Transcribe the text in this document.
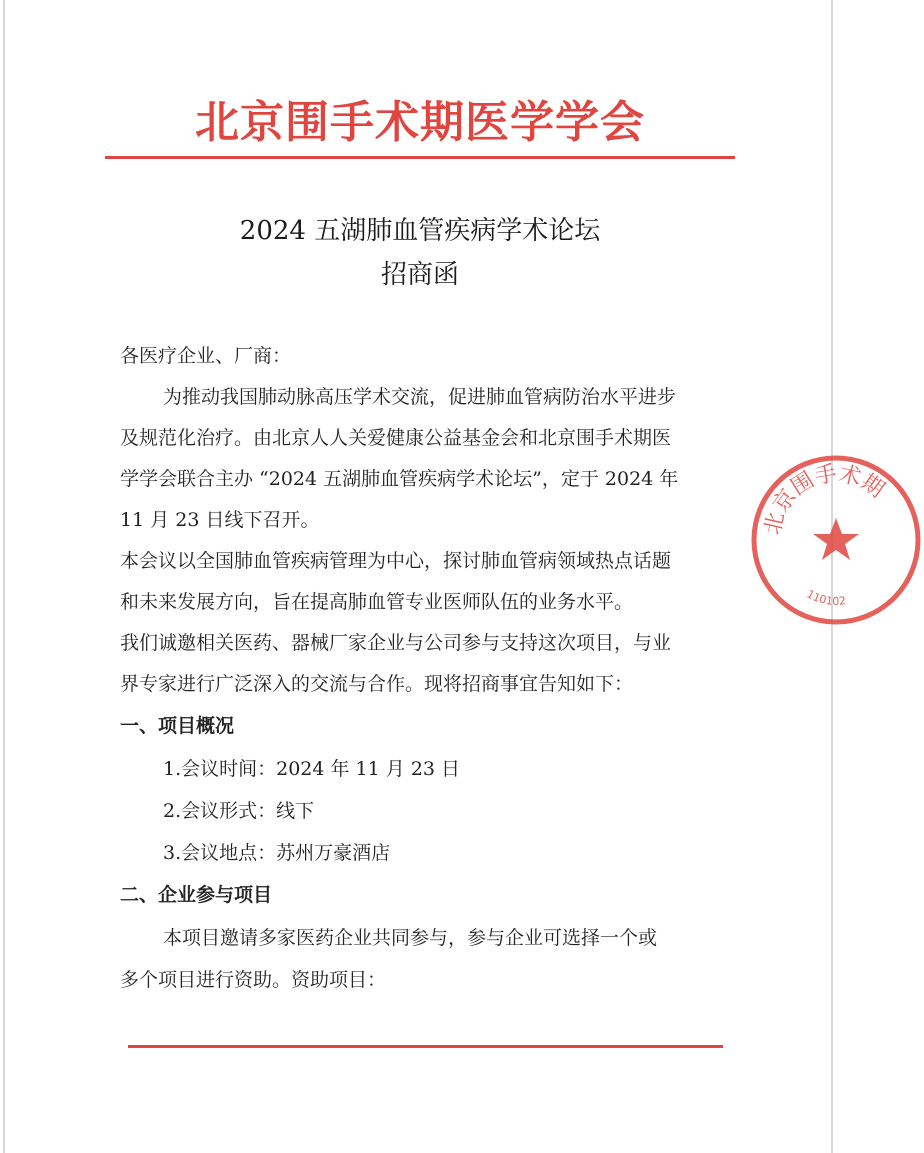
北京围手术期医学学会
2024 五湖肺血管疾病学术论坛
招商函
各医疗企业、厂商：
为推动我国肺动脉高压学术交流，促进肺血管病防治水平进步
及规范化治疗。由北京人人关爱健康公益基金会和北京围手术期医
学学会联合主办 “2024 五湖肺血管疾病学术论坛”，定于 2024 年
11 月 23 日线下召开。
本会议以全国肺血管疾病管理为中心，探讨肺血管病领域热点话题
和未来发展方向，旨在提高肺血管专业医师队伍的业务水平。
我们诚邀相关医药、器械厂家企业与公司参与支持这次项目，与业
界专家进行广泛深入的交流与合作。现将招商事宜告知如下：
一、项目概况
1.会议时间：2024 年 11 月 23 日
2.会议形式：线下
3.会议地点：苏州万豪酒店
二、企业参与项目
本项目邀请多家医药企业共同参与，参与企业可选择一个或
多个项目进行资助。资助项目：
北京围手术期
110102
